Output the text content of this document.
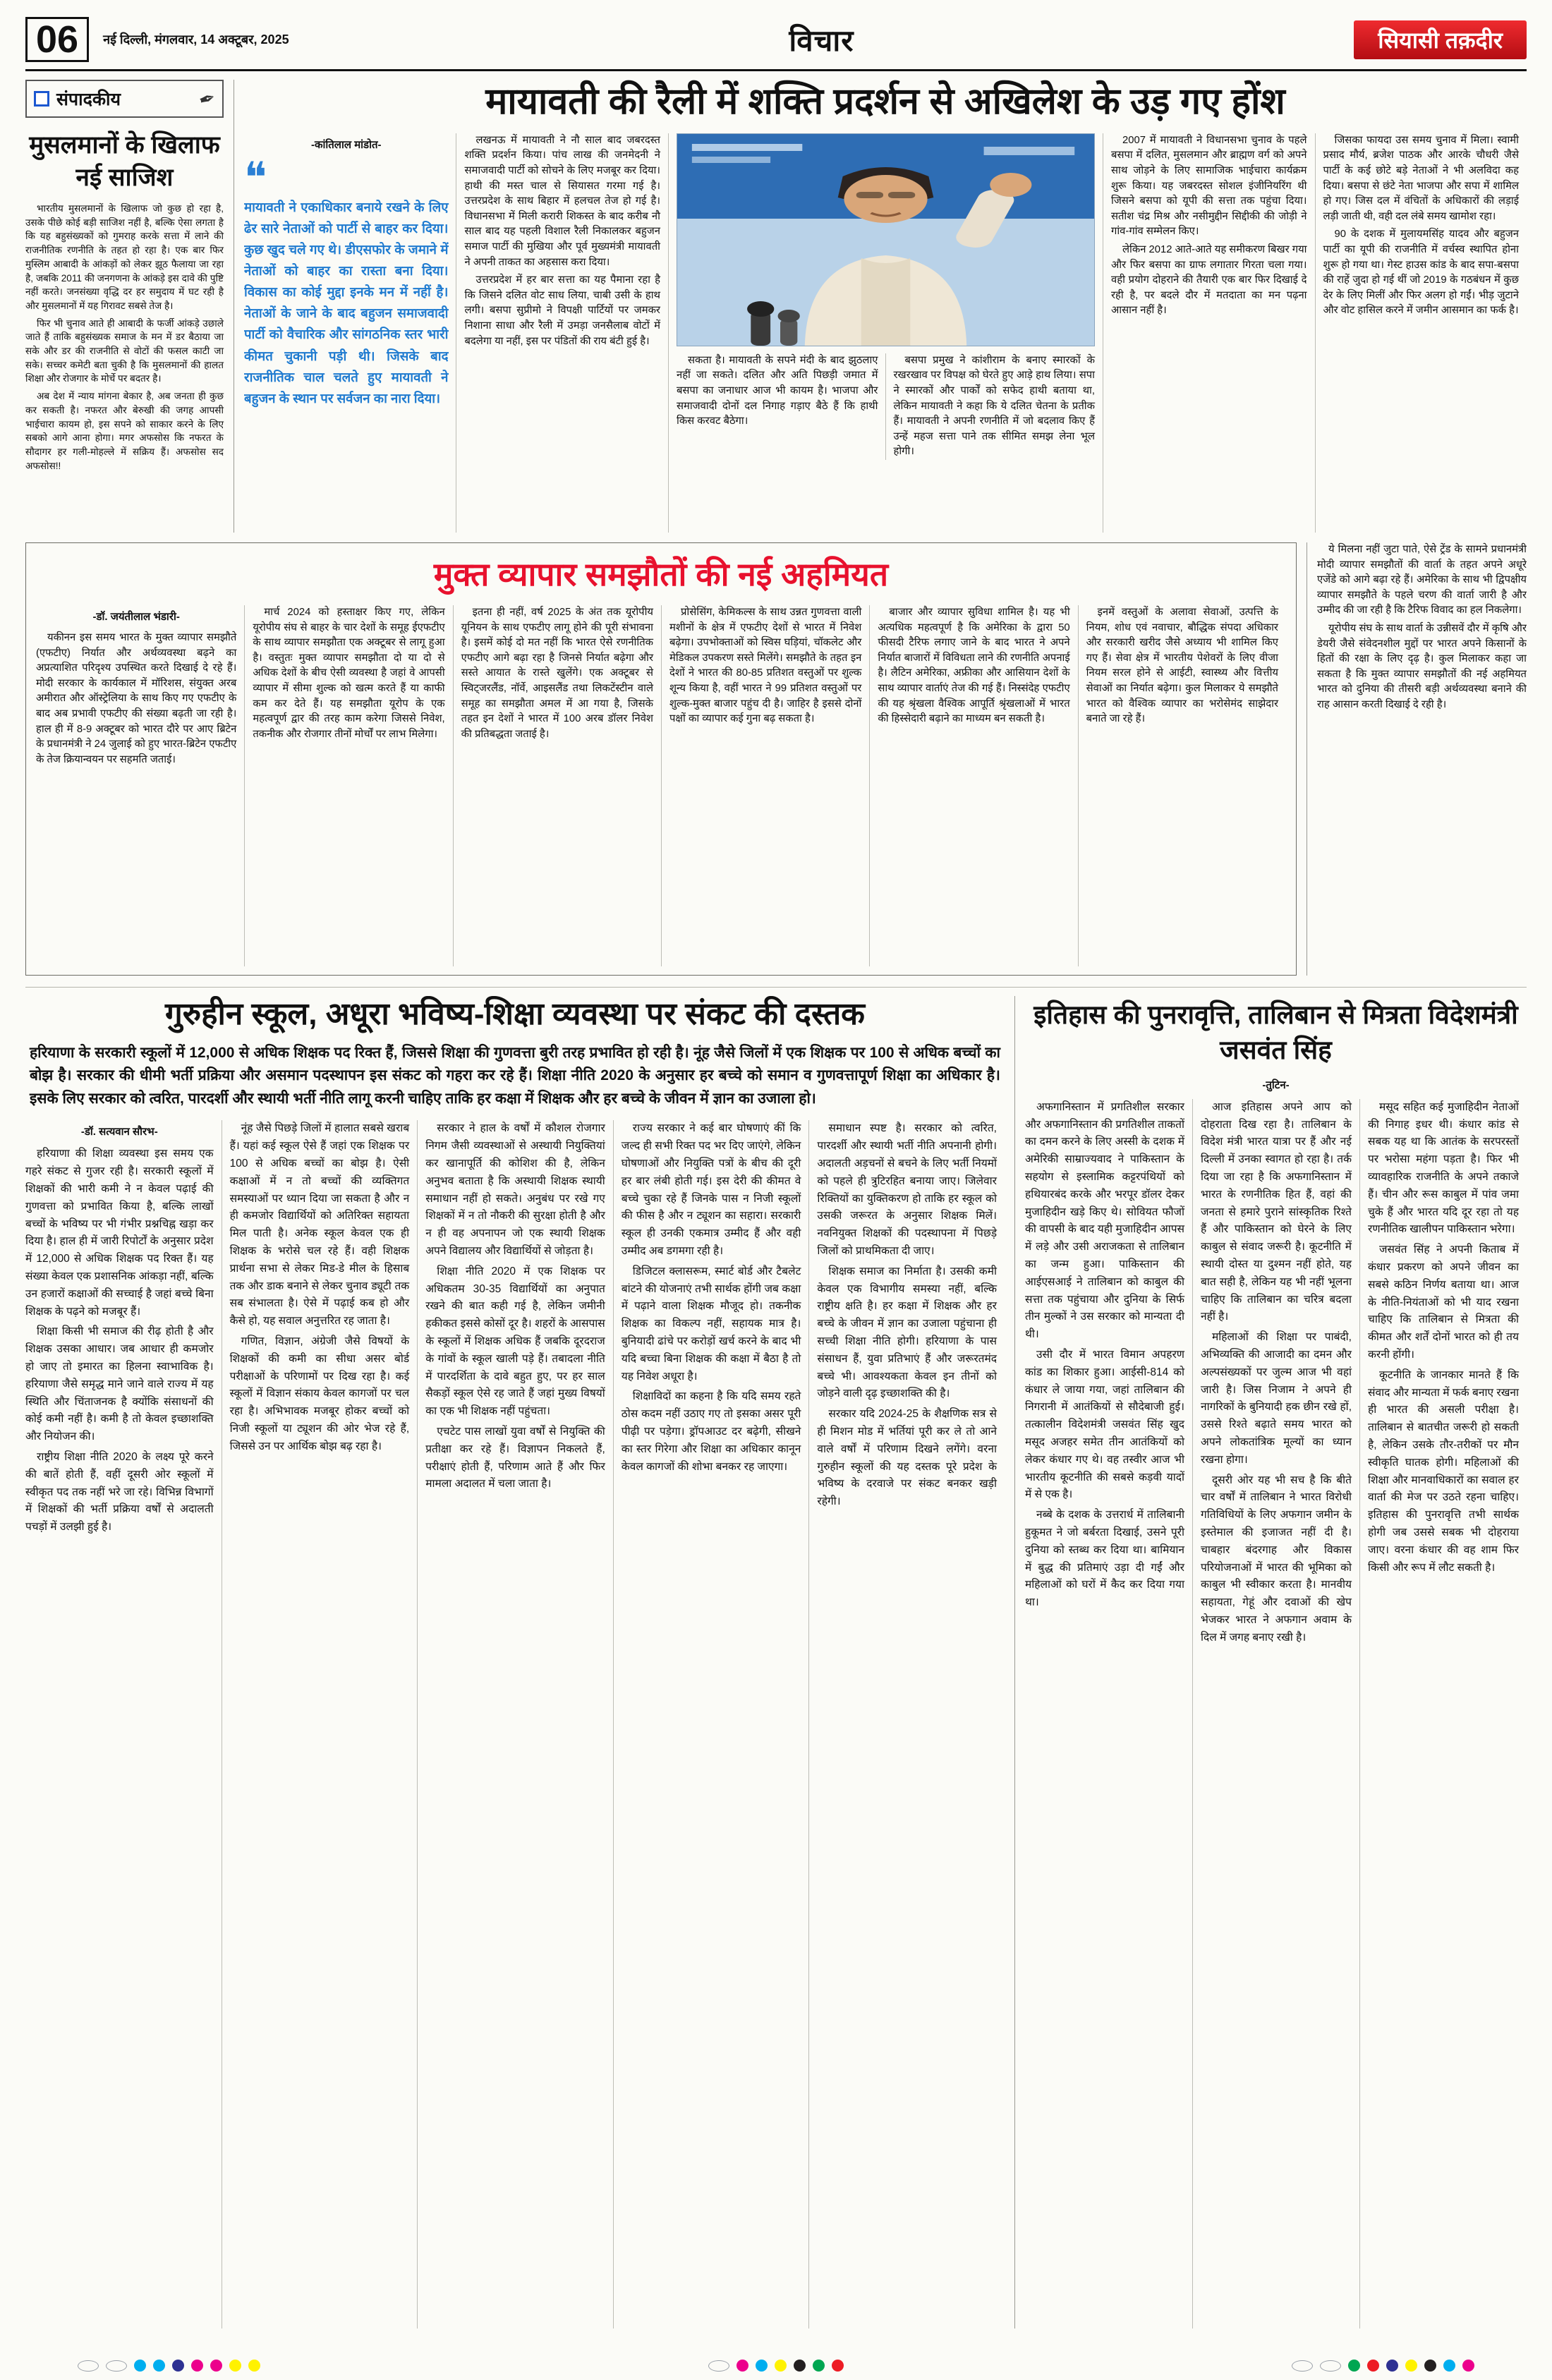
06	नई दिल्ली, मंगलवार, 14 अक्टूबर, 2025	विचार	सियासी तक़दीर
संपादकीय	✒
मुसलमानों के खिलाफ नई साजिश

भारतीय मुसलमानों के खिलाफ जो कुछ हो रहा है, उसके पीछे कोई बड़ी साजिश नहीं है, बल्कि ऐसा लगता है कि यह बहुसंख्यकों को गुमराह करके सत्ता में लाने की राजनीतिक रणनीति के तहत हो रहा है। एक बार फिर मुस्लिम आबादी के आंकड़ों को लेकर झूठ फैलाया जा रहा है, जबकि 2011 की जनगणना के आंकड़े इस दावे की पुष्टि नहीं करते। जनसंख्या वृद्धि दर हर समुदाय में घट रही है और मुसलमानों में यह गिरावट सबसे तेज है।

फिर भी चुनाव आते ही आबादी के फर्जी आंकड़े उछाले जाते हैं ताकि बहुसंख्यक समाज के मन में डर बैठाया जा सके और डर की राजनीति से वोटों की फसल काटी जा सके। सच्चर कमेटी बता चुकी है कि मुसलमानों की हालत शिक्षा और रोजगार के मोर्चे पर बदतर है।

अब देश में न्याय मांगना बेकार है, अब जनता ही कुछ कर सकती है। नफरत और बेरुखी की जगह आपसी भाईचारा कायम हो, इस सपने को साकार करने के लिए सबको आगे आना होगा। मगर अफसोस कि नफरत के सौदागर हर गली-मोहल्ले में सक्रिय हैं। अफसोस सद अफसोस!!

मायावती की रैली में शक्ति प्रदर्शन से अखिलेश के उड़ गए होंश
-कांतिलाल मांडोत-
❝
मायावती ने एकाधिकार बनाये रखने के लिए ढेर सारे नेताओं को पार्टी से बाहर कर दिया। कुछ खुद चले गए थे। डीएसफोर के जमाने में नेताओं को बाहर का रास्ता बना दिया। विकास का कोई मुद्दा इनके मन में नहीं है। नेताओं के जाने के बाद बहुजन समाजवादी पार्टी को वैचारिक और सांगठनिक स्तर भारी कीमत चुकानी पड़ी थी। जिसके बाद राजनीतिक चाल चलते हुए मायावती ने बहुजन के स्थान पर सर्वजन का नारा दिया।

लखनऊ में मायावती ने नौ साल बाद जबरदस्त शक्ति प्रदर्शन किया। पांच लाख की जनमेदनी ने समाजवादी पार्टी को सोचने के लिए मजबूर कर दिया। हाथी की मस्त चाल से सियासत गरमा गई है। उत्तरप्रदेश के साथ बिहार में हलचल तेज हो गई है। विधानसभा में मिली करारी शिकस्त के बाद करीब नौ साल बाद यह पहली विशाल रैली निकालकर बहुजन समाज पार्टी की मुखिया और पूर्व मुख्यमंत्री मायावती ने अपनी ताकत का अहसास करा दिया।

उत्तरप्रदेश में हर बार सत्ता का यह पैमाना रहा है कि जिसने दलित वोट साध लिया, चाबी उसी के हाथ लगी। बसपा सुप्रीमो ने विपक्षी पार्टियों पर जमकर निशाना साधा और रैली में उमड़ा जनसैलाब वोटों में बदलेगा या नहीं, इस पर पंडितों की राय बंटी हुई है।

सकता है। मायावती के सपने मंदी के बाद झुठलाए नहीं जा सकते। दलित और अति पिछड़ी जमात में बसपा का जनाधार आज भी कायम है। भाजपा और समाजवादी दोनों दल निगाह गड़ाए बैठे हैं कि हाथी किस करवट बैठेगा।

बसपा प्रमुख ने कांशीराम के बनाए स्मारकों के रखरखाव पर विपक्ष को घेरते हुए आड़े हाथ लिया। सपा ने स्मारकों और पार्कों को सफेद हाथी बताया था, लेकिन मायावती ने कहा कि ये दलित चेतना के प्रतीक हैं। मायावती ने अपनी रणनीति में जो बदलाव किए हैं उन्हें महज सत्ता पाने तक सीमित समझ लेना भूल होगी।

2007 में मायावती ने विधानसभा चुनाव के पहले बसपा में दलित, मुसलमान और ब्राह्मण वर्ग को अपने साथ जोड़ने के लिए सामाजिक भाईचारा कार्यक्रम शुरू किया। यह जबरदस्त सोशल इंजीनियरिंग थी जिसने बसपा को यूपी की सत्ता तक पहुंचा दिया। सतीश चंद्र मिश्र और नसीमुद्दीन सिद्दीकी की जोड़ी ने गांव-गांव सम्मेलन किए।

लेकिन 2012 आते-आते यह समीकरण बिखर गया और फिर बसपा का ग्राफ लगातार गिरता चला गया। वही प्रयोग दोहराने की तैयारी एक बार फिर दिखाई दे रही है, पर बदले दौर में मतदाता का मन पढ़ना आसान नहीं है।

जिसका फायदा उस समय चुनाव में मिला। स्वामी प्रसाद मौर्य, ब्रजेश पाठक और आरके चौधरी जैसे पार्टी के कई छोटे बड़े नेताओं ने भी अलविदा कह दिया। बसपा से छंटे नेता भाजपा और सपा में शामिल हो गए। जिस दल में वंचितों के अधिकारों की लड़ाई लड़ी जाती थी, वही दल लंबे समय खामोश रहा।

90 के दशक में मुलायमसिंह यादव और बहुजन पार्टी का यूपी की राजनीति में वर्चस्व स्थापित होना शुरू हो गया था। गेस्ट हाउस कांड के बाद सपा-बसपा की राहें जुदा हो गई थीं जो 2019 के गठबंधन में कुछ देर के लिए मिलीं और फिर अलग हो गईं। भीड़ जुटाने और वोट हासिल करने में जमीन आसमान का फर्क है।

मुक्त व्यापार समझौतों की नई अहमियत
-डॉ. जयंतीलाल भंडारी-

यकीनन इस समय भारत के मुक्त व्यापार समझौते (एफटीए) निर्यात और अर्थव्यवस्था बढ़ने का अप्रत्याशित परिदृश्य उपस्थित करते दिखाई दे रहे हैं। मोदी सरकार के कार्यकाल में मॉरिशस, संयुक्त अरब अमीरात और ऑस्ट्रेलिया के साथ किए गए एफटीए के बाद अब प्रभावी एफटीए की संख्या बढ़ती जा रही है। हाल ही में 8-9 अक्टूबर को भारत दौरे पर आए ब्रिटेन के प्रधानमंत्री ने 24 जुलाई को हुए भारत-ब्रिटेन एफटीए के तेज क्रियान्वयन पर सहमति जताई।

मार्च 2024 को हस्ताक्षर किए गए, लेकिन यूरोपीय संघ से बाहर के चार देशों के समूह ईएफटीए के साथ व्यापार समझौता एक अक्टूबर से लागू हुआ है। वस्तुतः मुक्त व्यापार समझौता दो या दो से अधिक देशों के बीच ऐसी व्यवस्था है जहां वे आपसी व्यापार में सीमा शुल्क को खत्म करते हैं या काफी कम कर देते हैं। यह समझौता यूरोप के एक महत्वपूर्ण द्वार की तरह काम करेगा जिससे निवेश, तकनीक और रोजगार तीनों मोर्चों पर लाभ मिलेगा।

इतना ही नहीं, वर्ष 2025 के अंत तक यूरोपीय यूनियन के साथ एफटीए लागू होने की पूरी संभावना है। इसमें कोई दो मत नहीं कि भारत ऐसे रणनीतिक एफटीए आगे बढ़ा रहा है जिनसे निर्यात बढ़ेगा और सस्ते आयात के रास्ते खुलेंगे। एक अक्टूबर से स्विट्जरलैंड, नॉर्वे, आइसलैंड तथा लिकटेंस्टीन वाले समूह का समझौता अमल में आ गया है, जिसके तहत इन देशों ने भारत में 100 अरब डॉलर निवेश की प्रतिबद्धता जताई है।

प्रोसेसिंग, केमिकल्स के साथ उन्नत गुणवत्ता वाली मशीनों के क्षेत्र में एफटीए देशों से भारत में निवेश बढ़ेगा। उपभोक्ताओं को स्विस घड़ियां, चॉकलेट और मेडिकल उपकरण सस्ते मिलेंगे। समझौते के तहत इन देशों ने भारत की 80-85 प्रतिशत वस्तुओं पर शुल्क शून्य किया है, वहीं भारत ने 99 प्रतिशत वस्तुओं पर शुल्क-मुक्त बाजार पहुंच दी है। जाहिर है इससे दोनों पक्षों का व्यापार कई गुना बढ़ सकता है।

बाजार और व्यापार सुविधा शामिल है। यह भी अत्यधिक महत्वपूर्ण है कि अमेरिका के द्वारा 50 फीसदी टैरिफ लगाए जाने के बाद भारत ने अपने निर्यात बाजारों में विविधता लाने की रणनीति अपनाई है। लैटिन अमेरिका, अफ्रीका और आसियान देशों के साथ व्यापार वार्ताएं तेज की गई हैं। निस्संदेह एफटीए की यह श्रृंखला वैश्विक आपूर्ति श्रृंखलाओं में भारत की हिस्सेदारी बढ़ाने का माध्यम बन सकती है।

इनमें वस्तुओं के अलावा सेवाओं, उत्पत्ति के नियम, शोध एवं नवाचार, बौद्धिक संपदा अधिकार और सरकारी खरीद जैसे अध्याय भी शामिल किए गए हैं। सेवा क्षेत्र में भारतीय पेशेवरों के लिए वीजा नियम सरल होने से आईटी, स्वास्थ्य और वित्तीय सेवाओं का निर्यात बढ़ेगा। कुल मिलाकर ये समझौते भारत को वैश्विक व्यापार का भरोसेमंद साझेदार बनाते जा रहे हैं।

ये मिलना नहीं जुटा पाते, ऐसे ट्रेंड के सामने प्रधानमंत्री मोदी व्यापार समझौतों की वार्ता के तहत अपने अधूरे एजेंडे को आगे बढ़ा रहे हैं। अमेरिका के साथ भी द्विपक्षीय व्यापार समझौते के पहले चरण की वार्ता जारी है और उम्मीद की जा रही है कि टैरिफ विवाद का हल निकलेगा।

यूरोपीय संघ के साथ वार्ता के उन्नीसवें दौर में कृषि और डेयरी जैसे संवेदनशील मुद्दों पर भारत अपने किसानों के हितों की रक्षा के लिए दृढ़ है। कुल मिलाकर कहा जा सकता है कि मुक्त व्यापार समझौतों की नई अहमियत भारत को दुनिया की तीसरी बड़ी अर्थव्यवस्था बनाने की राह आसान करती दिखाई दे रही है।

गुरुहीन स्कूल, अधूरा भविष्य-शिक्षा व्यवस्था पर संकट की दस्तक
हरियाणा के सरकारी स्कूलों में 12,000 से अधिक शिक्षक पद रिक्त हैं, जिससे शिक्षा की गुणवत्ता बुरी तरह प्रभावित हो रही है। नूंह जैसे जिलों में एक शिक्षक पर 100 से अधिक बच्चों का बोझ है। सरकार की धीमी भर्ती प्रक्रिया और असमान पदस्थापन इस संकट को गहरा कर रहे हैं। शिक्षा नीति 2020 के अनुसार हर बच्चे को समान व गुणवत्तापूर्ण शिक्षा का अधिकार है। इसके लिए सरकार को त्वरित, पारदर्शी और स्थायी भर्ती नीति लागू करनी चाहिए ताकि हर कक्षा में शिक्षक और हर बच्चे के जीवन में ज्ञान का उजाला हो।
-डॉ. सत्यवान सौरभ-

हरियाणा की शिक्षा व्यवस्था इस समय एक गहरे संकट से गुजर रही है। सरकारी स्कूलों में शिक्षकों की भारी कमी ने न केवल पढ़ाई की गुणवत्ता को प्रभावित किया है, बल्कि लाखों बच्चों के भविष्य पर भी गंभीर प्रश्नचिह्न खड़ा कर दिया है। हाल ही में जारी रिपोर्टों के अनुसार प्रदेश में 12,000 से अधिक शिक्षक पद रिक्त हैं। यह संख्या केवल एक प्रशासनिक आंकड़ा नहीं, बल्कि उन हजारों कक्षाओं की सच्चाई है जहां बच्चे बिना शिक्षक के पढ़ने को मजबूर हैं।

शिक्षा किसी भी समाज की रीढ़ होती है और शिक्षक उसका आधार। जब आधार ही कमजोर हो जाए तो इमारत का हिलना स्वाभाविक है। हरियाणा जैसे समृद्ध माने जाने वाले राज्य में यह स्थिति और चिंताजनक है क्योंकि संसाधनों की कोई कमी नहीं है। कमी है तो केवल इच्छाशक्ति और नियोजन की।

राष्ट्रीय शिक्षा नीति 2020 के लक्ष्य पूरे करने की बातें होती हैं, वहीं दूसरी ओर स्कूलों में स्वीकृत पद तक नहीं भरे जा रहे। विभिन्न विभागों में शिक्षकों की भर्ती प्रक्रिया वर्षों से अदालती पचड़ों में उलझी हुई है।

नूंह जैसे पिछड़े जिलों में हालात सबसे खराब हैं। यहां कई स्कूल ऐसे हैं जहां एक शिक्षक पर 100 से अधिक बच्चों का बोझ है। ऐसी कक्षाओं में न तो बच्चों की व्यक्तिगत समस्याओं पर ध्यान दिया जा सकता है और न ही कमजोर विद्यार्थियों को अतिरिक्त सहायता मिल पाती है। अनेक स्कूल केवल एक ही शिक्षक के भरोसे चल रहे हैं। वही शिक्षक प्रार्थना सभा से लेकर मिड-डे मील के हिसाब तक और डाक बनाने से लेकर चुनाव ड्यूटी तक सब संभालता है। ऐसे में पढ़ाई कब हो और कैसे हो, यह सवाल अनुत्तरित रह जाता है।

गणित, विज्ञान, अंग्रेजी जैसे विषयों के शिक्षकों की कमी का सीधा असर बोर्ड परीक्षाओं के परिणामों पर दिख रहा है। कई स्कूलों में विज्ञान संकाय केवल कागजों पर चल रहा है। अभिभावक मजबूर होकर बच्चों को निजी स्कूलों या ट्यूशन की ओर भेज रहे हैं, जिससे उन पर आर्थिक बोझ बढ़ रहा है।

सरकार ने हाल के वर्षों में कौशल रोजगार निगम जैसी व्यवस्थाओं से अस्थायी नियुक्तियां कर खानापूर्ति की कोशिश की है, लेकिन अनुभव बताता है कि अस्थायी शिक्षक स्थायी समाधान नहीं हो सकते। अनुबंध पर रखे गए शिक्षकों में न तो नौकरी की सुरक्षा होती है और न ही वह अपनापन जो एक स्थायी शिक्षक अपने विद्यालय और विद्यार्थियों से जोड़ता है।

शिक्षा नीति 2020 में एक शिक्षक पर अधिकतम 30-35 विद्यार्थियों का अनुपात रखने की बात कही गई है, लेकिन जमीनी हकीकत इससे कोसों दूर है। शहरों के आसपास के स्कूलों में शिक्षक अधिक हैं जबकि दूरदराज के गांवों के स्कूल खाली पड़े हैं। तबादला नीति में पारदर्शिता के दावे बहुत हुए, पर हर साल सैकड़ों स्कूल ऐसे रह जाते हैं जहां मुख्य विषयों का एक भी शिक्षक नहीं पहुंचता।

एचटेट पास लाखों युवा वर्षों से नियुक्ति की प्रतीक्षा कर रहे हैं। विज्ञापन निकलते हैं, परीक्षाएं होती हैं, परिणाम आते हैं और फिर मामला अदालत में चला जाता है।

राज्य सरकार ने कई बार घोषणाएं कीं कि जल्द ही सभी रिक्त पद भर दिए जाएंगे, लेकिन घोषणाओं और नियुक्ति पत्रों के बीच की दूरी हर बार लंबी होती गई। इस देरी की कीमत वे बच्चे चुका रहे हैं जिनके पास न निजी स्कूलों की फीस है और न ट्यूशन का सहारा। सरकारी स्कूल ही उनकी एकमात्र उम्मीद हैं और वही उम्मीद अब डगमगा रही है।

डिजिटल क्लासरूम, स्मार्ट बोर्ड और टैबलेट बांटने की योजनाएं तभी सार्थक होंगी जब कक्षा में पढ़ाने वाला शिक्षक मौजूद हो। तकनीक शिक्षक का विकल्प नहीं, सहायक मात्र है। बुनियादी ढांचे पर करोड़ों खर्च करने के बाद भी यदि बच्चा बिना शिक्षक की कक्षा में बैठा है तो यह निवेश अधूरा है।

शिक्षाविदों का कहना है कि यदि समय रहते ठोस कदम नहीं उठाए गए तो इसका असर पूरी पीढ़ी पर पड़ेगा। ड्रॉपआउट दर बढ़ेगी, सीखने का स्तर गिरेगा और शिक्षा का अधिकार कानून केवल कागजों की शोभा बनकर रह जाएगा।

समाधान स्पष्ट है। सरकार को त्वरित, पारदर्शी और स्थायी भर्ती नीति अपनानी होगी। अदालती अड़चनों से बचने के लिए भर्ती नियमों को पहले ही त्रुटिरहित बनाया जाए। जिलेवार रिक्तियों का युक्तिकरण हो ताकि हर स्कूल को उसकी जरूरत के अनुसार शिक्षक मिलें। नवनियुक्त शिक्षकों की पदस्थापना में पिछड़े जिलों को प्राथमिकता दी जाए।

शिक्षक समाज का निर्माता है। उसकी कमी केवल एक विभागीय समस्या नहीं, बल्कि राष्ट्रीय क्षति है। हर कक्षा में शिक्षक और हर बच्चे के जीवन में ज्ञान का उजाला पहुंचाना ही सच्ची शिक्षा नीति होगी। हरियाणा के पास संसाधन हैं, युवा प्रतिभाएं हैं और जरूरतमंद बच्चे भी। आवश्यकता केवल इन तीनों को जोड़ने वाली दृढ़ इच्छाशक्ति की है।

सरकार यदि 2024-25 के शैक्षणिक सत्र से ही मिशन मोड में भर्तियां पूरी कर ले तो आने वाले वर्षों में परिणाम दिखने लगेंगे। वरना गुरुहीन स्कूलों की यह दस्तक पूरे प्रदेश के भविष्य के दरवाजे पर संकट बनकर खड़ी रहेगी।

इतिहास की पुनरावृत्ति, तालिबान से मित्रता विदेशमंत्री जसवंत सिंह
-तुटिन-

अफगानिस्तान में प्रगतिशील सरकार और अफगानिस्तान की प्रगतिशील ताकतों का दमन करने के लिए अस्सी के दशक में अमेरिकी साम्राज्यवाद ने पाकिस्तान के सहयोग से इस्लामिक कट्टरपंथियों को हथियारबंद करके और भरपूर डॉलर देकर मुजाहिदीन खड़े किए थे। सोवियत फौजों की वापसी के बाद यही मुजाहिदीन आपस में लड़े और उसी अराजकता से तालिबान का जन्म हुआ। पाकिस्तान की आईएसआई ने तालिबान को काबुल की सत्ता तक पहुंचाया और दुनिया के सिर्फ तीन मुल्कों ने उस सरकार को मान्यता दी थी।

उसी दौर में भारत विमान अपहरण कांड का शिकार हुआ। आईसी-814 को कंधार ले जाया गया, जहां तालिबान की निगरानी में आतंकियों से सौदेबाजी हुई। तत्कालीन विदेशमंत्री जसवंत सिंह खुद मसूद अजहर समेत तीन आतंकियों को लेकर कंधार गए थे। वह तस्वीर आज भी भारतीय कूटनीति की सबसे कड़वी यादों में से एक है।

नब्बे के दशक के उत्तरार्ध में तालिबानी हुकूमत ने जो बर्बरता दिखाई, उसने पूरी दुनिया को स्तब्ध कर दिया था। बामियान में बुद्ध की प्रतिमाएं उड़ा दी गईं और महिलाओं को घरों में कैद कर दिया गया था।

आज इतिहास अपने आप को दोहराता दिख रहा है। तालिबान के विदेश मंत्री भारत यात्रा पर हैं और नई दिल्ली में उनका स्वागत हो रहा है। तर्क दिया जा रहा है कि अफगानिस्तान में भारत के रणनीतिक हित हैं, वहां की जनता से हमारे पुराने सांस्कृतिक रिश्ते हैं और पाकिस्तान को घेरने के लिए काबुल से संवाद जरूरी है। कूटनीति में स्थायी दोस्त या दुश्मन नहीं होते, यह बात सही है, लेकिन यह भी नहीं भूलना चाहिए कि तालिबान का चरित्र बदला नहीं है।

महिलाओं की शिक्षा पर पाबंदी, अभिव्यक्ति की आजादी का दमन और अल्पसंख्यकों पर जुल्म आज भी वहां जारी है। जिस निजाम ने अपने ही नागरिकों के बुनियादी हक छीन रखे हों, उससे रिश्ते बढ़ाते समय भारत को अपने लोकतांत्रिक मूल्यों का ध्यान रखना होगा।

दूसरी ओर यह भी सच है कि बीते चार वर्षों में तालिबान ने भारत विरोधी गतिविधियों के लिए अफगान जमीन के इस्तेमाल की इजाजत नहीं दी है। चाबहार बंदरगाह और विकास परियोजनाओं में भारत की भूमिका को काबुल भी स्वीकार करता है। मानवीय सहायता, गेहूं और दवाओं की खेप भेजकर भारत ने अफगान अवाम के दिल में जगह बनाए रखी है।

मसूद सहित कई मुजाहिदीन नेताओं की निगाह इधर थी। कंधार कांड से सबक यह था कि आतंक के सरपरस्तों पर भरोसा महंगा पड़ता है। फिर भी व्यावहारिक राजनीति के अपने तकाजे हैं। चीन और रूस काबुल में पांव जमा चुके हैं और भारत यदि दूर रहा तो यह रणनीतिक खालीपन पाकिस्तान भरेगा।

जसवंत सिंह ने अपनी किताब में कंधार प्रकरण को अपने जीवन का सबसे कठिन निर्णय बताया था। आज के नीति-नियंताओं को भी याद रखना चाहिए कि तालिबान से मित्रता की कीमत और शर्तें दोनों भारत को ही तय करनी होंगी।

कूटनीति के जानकार मानते हैं कि संवाद और मान्यता में फर्क बनाए रखना ही भारत की असली परीक्षा है। तालिबान से बातचीत जरूरी हो सकती है, लेकिन उसके तौर-तरीकों पर मौन स्वीकृति घातक होगी। महिलाओं की शिक्षा और मानवाधिकारों का सवाल हर वार्ता की मेज पर उठते रहना चाहिए। इतिहास की पुनरावृत्ति तभी सार्थक होगी जब उससे सबक भी दोहराया जाए। वरना कंधार की वह शाम फिर किसी और रूप में लौट सकती है।
